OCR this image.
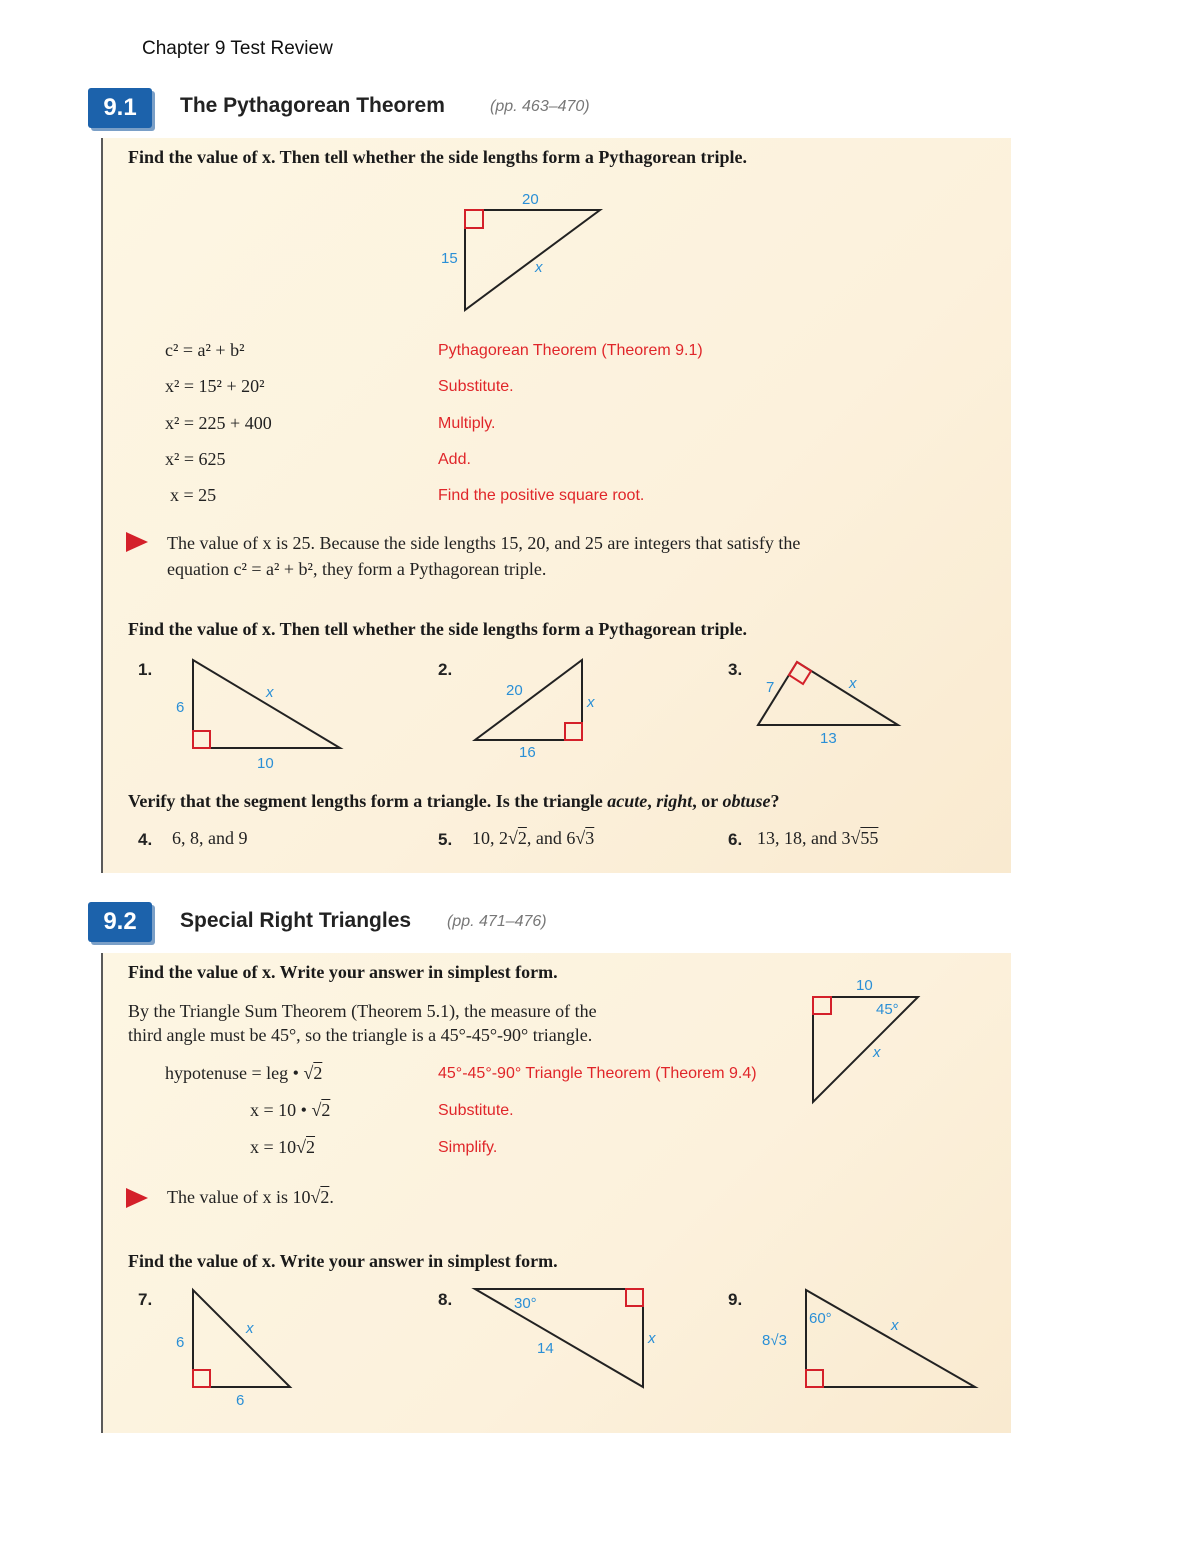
Chapter 9 Test Review
9.1	The Pythagorean Theorem	(pp. 463–470)
Find the value of x. Then tell whether the side lengths form a Pythagorean triple.
20
15
x
c² = a² + b²	Pythagorean Theorem (Theorem 9.1)
x² = 15² + 20²	Substitute.
x² = 225 + 400	Multiply.
x² = 625	Add.
x = 25	Find the positive square root.
The value of x is 25. Because the side lengths 15, 20, and 25 are integers that satisfy the
equation c² = a² + b², they form a Pythagorean triple.
Find the value of x. Then tell whether the side lengths form a Pythagorean triple.
1.	2.	3.
6
10
x	20
16
x
7
13
x
Verify that the segment lengths form a triangle. Is the triangle acute, right, or obtuse?
4. 6, 8, and 9	5. 10, 2√2, and 6√3	6. 13, 18, and 3√55
9.2	Special Right Triangles (pp. 471–476)
Find the value of x. Write your answer in simplest form.
By the Triangle Sum Theorem (Theorem 5.1), the measure of the
third angle must be 45°, so the triangle is a 45°-45°-90° triangle.
10
45°
x
hypotenuse = leg • √2	45°-45°-90° Triangle Theorem (Theorem 9.4)
x = 10 • √2	Substitute.
x = 10√2	Simplify.
The value of x is 10√2.
Find the value of x. Write your answer in simplest form.
7.	8.	9.
6
6
x
30°
14
x
60°
8√3
x
